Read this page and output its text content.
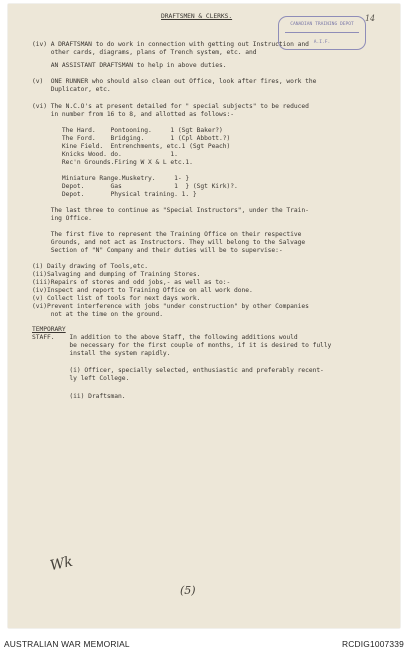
DRAFTSMEN & CLERKS.	14
CANADIAN TRAINING DEPOT
A.I.F.
(iv) A DRAFTSMAN to do work in connection with getting out Instruction and
other cards, diagrams, plans of Trench system, etc. and
AN ASSISTANT DRAFTSMAN to help in above duties.
(v)  ONE RUNNER who should also clean out Office, look after fires, work the
Duplicator, etc.
(vi) The N.C.O's at present detailed for " special subjects" to be reduced
in number from 16 to 8, and allotted as follows:-
The Hard.    Pontooning.     1 (Sgt Baker?)
The Ford.    Bridging.       1 (Cpl Abbott.?)
Kine Field.  Entrenchments, etc.1 (Sgt Peach)
Knicks Wood. do.             1.
Rec'n Grounds.Firing W X & L etc.1.
Miniature Range.Musketry.     1- }
Depot.       Gas              1  } (Sgt Kirk)?.
Depot.       Physical training. 1. }
The last three to continue as "Special Instructors", under the Train-
ing Office.
The first five to represent the Training Office on their respective
Grounds, and not act as Instructors. They will belong to the Salvage
Section of "N" Company and their duties will be to supervise:-
(i) Daily drawing of Tools,etc.
(ii)Salvaging and dumping of Training Stores.
(iii)Repairs of stores and odd jobs,- as well as to:-
(iv)Inspect and report to Training Office on all work done.
(v) Collect list of tools for next days work.
(vi)Prevent interference with jobs "under construction" by other Companies
not at the time on the ground.
TEMPORARY
STAFF.    In addition to the above Staff, the following additions would
be necessary for the first couple of months, if it is desired to fully
install the system rapidly.
(i) Officer, specially selected, enthusiastic and preferably recent-
ly left College.
(ii) Draftsman.
Wk
(5)
AUSTRALIAN WAR MEMORIAL	RCDIG1007339
